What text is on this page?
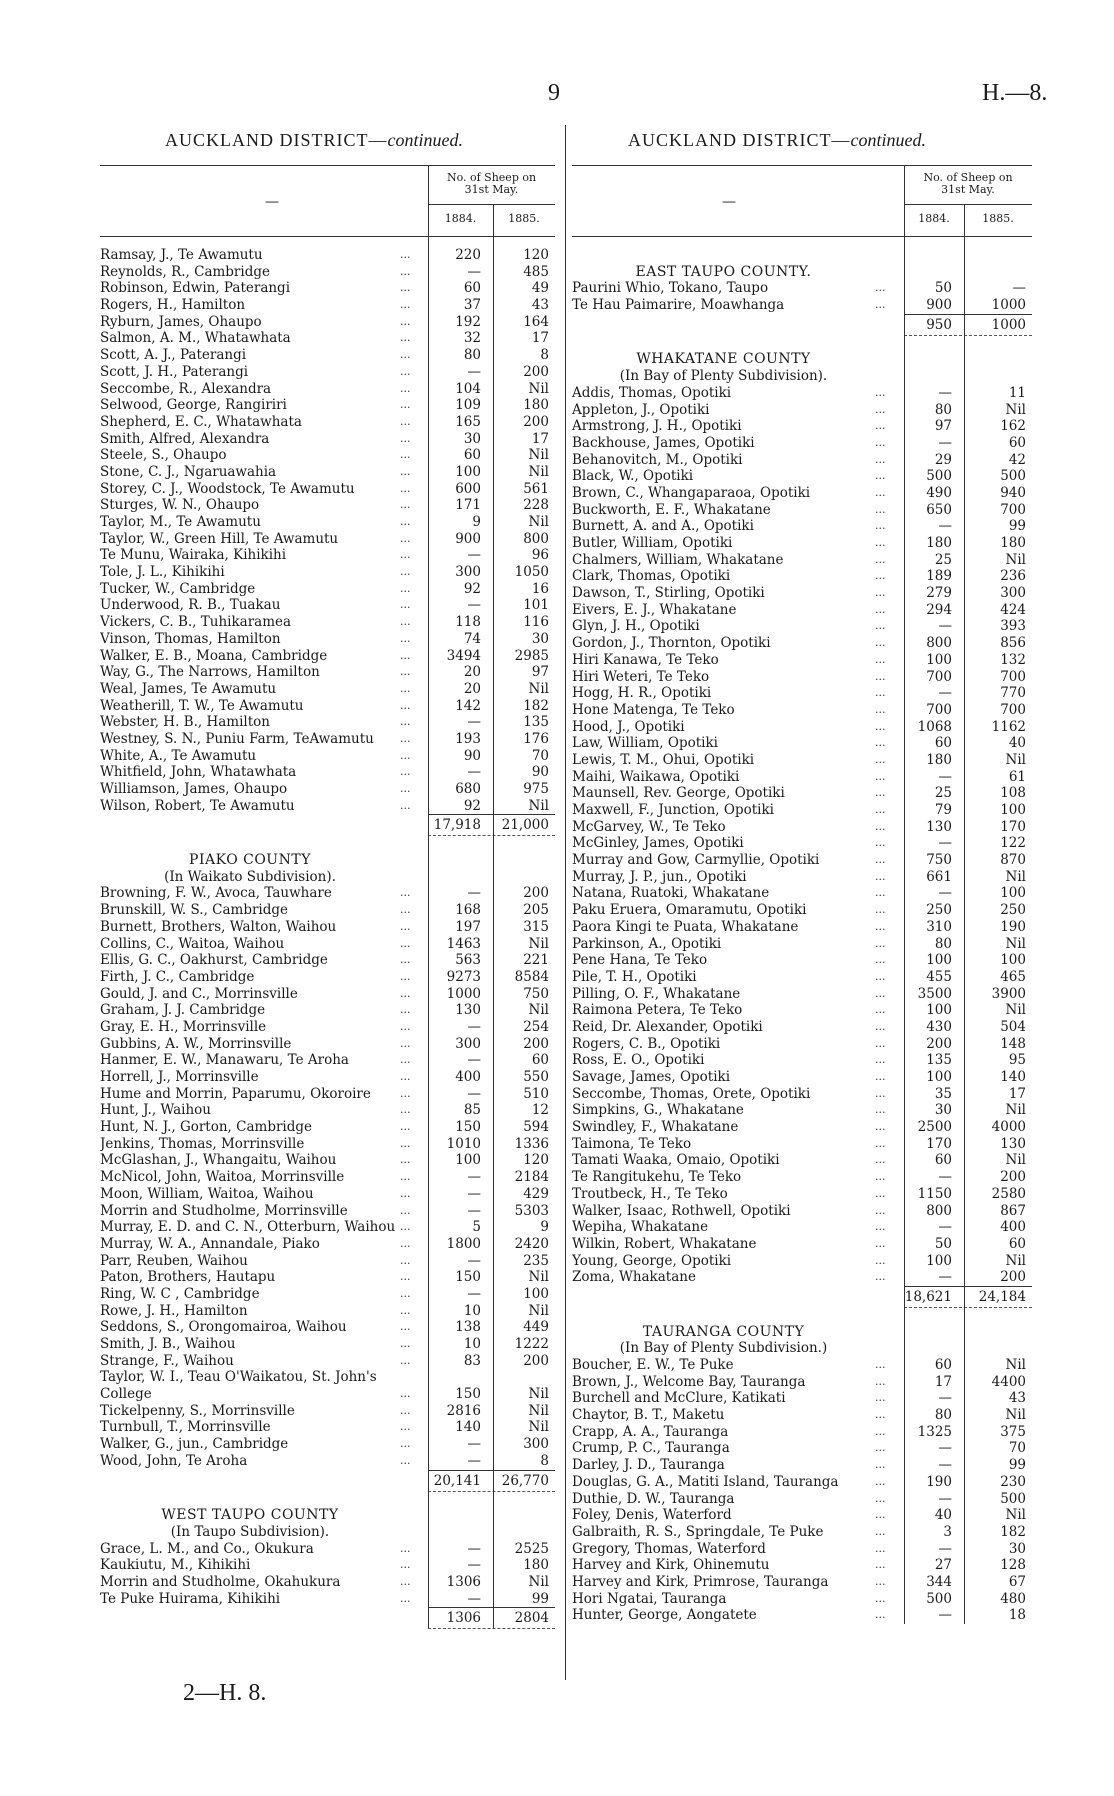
9	H.—8.
AUCKLAND DISTRICT—continued.	AUCKLAND DISTRICT—continued.
—
No. of Sheep on
31st May.
1884.	1885.
Ramsay, J., Te Awamutu	...	220	120
Reynolds, R., Cambridge	...	—	485
Robinson, Edwin, Paterangi	...	60	49
Rogers, H., Hamilton	...	37	43
Ryburn, James, Ohaupo	...	192	164
Salmon, A. M., Whatawhata	...	32	17
Scott, A. J., Paterangi	...	80	8
Scott, J. H., Paterangi	...	—	200
Seccombe, R., Alexandra	...	104	Nil
Selwood, George, Rangiriri	...	109	180
Shepherd, E. C., Whatawhata	...	165	200
Smith, Alfred, Alexandra	...	30	17
Steele, S., Ohaupo	...	60	Nil
Stone, C. J., Ngaruawahia	...	100	Nil
Storey, C. J., Woodstock, Te Awamutu	...	600	561
Sturges, W. N., Ohaupo	...	171	228
Taylor, M., Te Awamutu	...	9	Nil
Taylor, W., Green Hill, Te Awamutu	...	900	800
Te Munu, Wairaka, Kihikihi	...	—	96
Tole, J. L., Kihikihi	...	300	1050
Tucker, W., Cambridge	...	92	16
Underwood, R. B., Tuakau	...	—	101
Vickers, C. B., Tuhikaramea	...	118	116
Vinson, Thomas, Hamilton	...	74	30
Walker, E. B., Moana, Cambridge	...	3494	2985
Way, G., The Narrows, Hamilton	...	20	97
Weal, James, Te Awamutu	...	20	Nil
Weatherill, T. W., Te Awamutu	...	142	182
Webster, H. B., Hamilton	...	—	135
Westney, S. N., Puniu Farm, TeAwamutu	...	193	176
White, A., Te Awamutu	...	90	70
Whitfield, John, Whatawhata	...	—	90
Williamson, James, Ohaupo	...	680	975
Wilson, Robert, Te Awamutu	...	92	Nil
17,918	21,000
PIAKO COUNTY
(In Waikato Subdivision).
Browning, F. W., Avoca, Tauwhare	...	—	200
Brunskill, W. S., Cambridge	...	168	205
Burnett, Brothers, Walton, Waihou	...	197	315
Collins, C., Waitoa, Waihou	...	1463	Nil
Ellis, G. C., Oakhurst, Cambridge	...	563	221
Firth, J. C., Cambridge	...	9273	8584
Gould, J. and C., Morrinsville	...	1000	750
Graham, J. J. Cambridge	...	130	Nil
Gray, E. H., Morrinsville	...	—	254
Gubbins, A. W., Morrinsville	...	300	200
Hanmer, E. W., Manawaru, Te Aroha	...	—	60
Horrell, J., Morrinsville	...	400	550
Hume and Morrin, Paparumu, Okoroire	...	—	510
Hunt, J., Waihou	...	85	12
Hunt, N. J., Gorton, Cambridge	...	150	594
Jenkins, Thomas, Morrinsville	...	1010	1336
McGlashan, J., Whangaitu, Waihou	...	100	120
McNicol, John, Waitoa, Morrinsville	...	—	2184
Moon, William, Waitoa, Waihou	...	—	429
Morrin and Studholme, Morrinsville	...	—	5303
Murray, E. D. and C. N., Otterburn, Waihou ...	5	9
Murray, W. A., Annandale, Piako	...	1800	2420
Parr, Reuben, Waihou	...	—	235
Paton, Brothers, Hautapu	...	150	Nil
Ring, W. C , Cambridge	...	—	100
Rowe, J. H., Hamilton	...	10	Nil
Seddons, S., Orongomairoa, Waihou	...	138	449
Smith, J. B., Waihou	...	10	1222
Strange, F., Waihou	...	83	200
Taylor, W. I., Teau O'Waikatou, St. John's
College	...	150	Nil
Tickelpenny, S., Morrinsville	...	2816	Nil
Turnbull, T., Morrinsville	...	140	Nil
Walker, G., jun., Cambridge	...	—	300
Wood, John, Te Aroha	...	—	8
20,141	26,770
WEST TAUPO COUNTY
(In Taupo Subdivision).
Grace, L. M., and Co., Okukura	...	—	2525
Kaukiutu, M., Kihikihi	...	—	180
Morrin and Studholme, Okahukura	...	1306	Nil
Te Puke Huirama, Kihikihi	...	—	99
1306	2804
—
No. of Sheep on
31st May.
1884.	1885.
EAST TAUPO COUNTY.
Paurini Whio, Tokano, Taupo	...	50	—
Te Hau Paimarire, Moawhanga	...	900	1000
950	1000
WHAKATANE COUNTY
(In Bay of Plenty Subdivision).
Addis, Thomas, Opotiki	...	—	11
Appleton, J., Opotiki	...	80	Nil
Armstrong, J. H., Opotiki	...	97	162
Backhouse, James, Opotiki	...	—	60
Behanovitch, M., Opotiki	...	29	42
Black, W., Opotiki	...	500	500
Brown, C., Whangaparaoa, Opotiki	...	490	940
Buckworth, E. F., Whakatane	...	650	700
Burnett, A. and A., Opotiki	...	—	99
Butler, William, Opotiki	...	180	180
Chalmers, William, Whakatane	...	25	Nil
Clark, Thomas, Opotiki	...	189	236
Dawson, T., Stirling, Opotiki	...	279	300
Eivers, E. J., Whakatane	...	294	424
Glyn, J. H., Opotiki	...	—	393
Gordon, J., Thornton, Opotiki	...	800	856
Hiri Kanawa, Te Teko	...	100	132
Hiri Weteri, Te Teko	...	700	700
Hogg, H. R., Opotiki	...	—	770
Hone Matenga, Te Teko	...	700	700
Hood, J., Opotiki	...	1068	1162
Law, William, Opotiki	...	60	40
Lewis, T. M., Ohui, Opotiki	...	180	Nil
Maihi, Waikawa, Opotiki	...	—	61
Maunsell, Rev. George, Opotiki	...	25	108
Maxwell, F., Junction, Opotiki	...	79	100
McGarvey, W., Te Teko	...	130	170
McGinley, James, Opotiki	...	—	122
Murray and Gow, Carmyllie, Opotiki	...	750	870
Murray, J. P., jun., Opotiki	...	661	Nil
Natana, Ruatoki, Whakatane	...	—	100
Paku Eruera, Omaramutu, Opotiki	...	250	250
Paora Kingi te Puata, Whakatane	...	310	190
Parkinson, A., Opotiki	...	80	Nil
Pene Hana, Te Teko	...	100	100
Pile, T. H., Opotiki	...	455	465
Pilling, O. F., Whakatane	...	3500	3900
Raimona Petera, Te Teko	...	100	Nil
Reid, Dr. Alexander, Opotiki	...	430	504
Rogers, C. B., Opotiki	...	200	148
Ross, E. O., Opotiki	...	135	95
Savage, James, Opotiki	...	100	140
Seccombe, Thomas, Orete, Opotiki	...	35	17
Simpkins, G., Whakatane	...	30	Nil
Swindley, F., Whakatane	...	2500	4000
Taimona, Te Teko	...	170	130
Tamati Waaka, Omaio, Opotiki	...	60	Nil
Te Rangitukehu, Te Teko	...	—	200
Troutbeck, H., Te Teko	...	1150	2580
Walker, Isaac, Rothwell, Opotiki	...	800	867
Wepiha, Whakatane	...	—	400
Wilkin, Robert, Whakatane	...	50	60
Young, George, Opotiki	...	100	Nil
Zoma, Whakatane	...	—	200
18,621	24,184
TAURANGA COUNTY
(In Bay of Plenty Subdivision.)
Boucher, E. W., Te Puke	...	60	Nil
Brown, J., Welcome Bay, Tauranga	...	17	4400
Burchell and McClure, Katikati	...	—	43
Chaytor, B. T., Maketu	...	80	Nil
Crapp, A. A., Tauranga	...	1325	375
Crump, P. C., Tauranga	...	—	70
Darley, J. D., Tauranga	...	—	99
Douglas, G. A., Matiti Island, Tauranga	...	190	230
Duthie, D. W., Tauranga	...	—	500
Foley, Denis, Waterford	...	40	Nil
Galbraith, R. S., Springdale, Te Puke	...	3	182
Gregory, Thomas, Waterford	...	—	30
Harvey and Kirk, Ohinemutu	...	27	128
Harvey and Kirk, Primrose, Tauranga	...	344	67
Hori Ngatai, Tauranga	...	500	480
Hunter, George, Aongatete	...	—	18
2—H. 8.
